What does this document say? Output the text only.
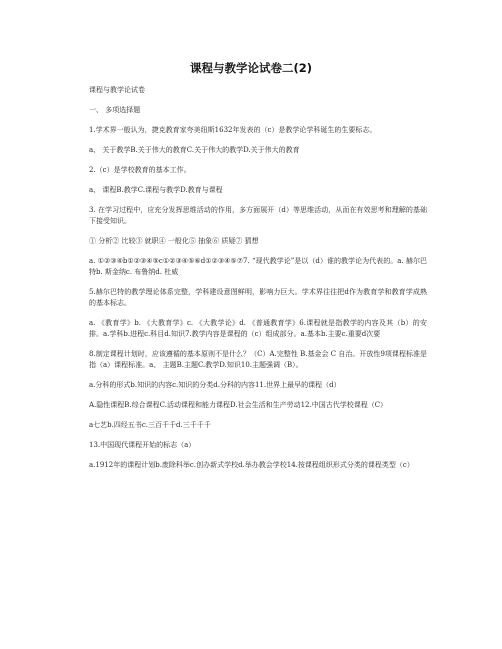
课程与教学论试卷二(2)

课程与教学论试卷

一、 多项选择题

1.学术界一般认为，捷克教育家夸美纽斯1632年发表的（c）是教学论学科诞生的生要标志。

a、 关于教学B.关于伟大的教育C.关于伟大的教学D.关于伟大的教育

2.（c）是学校教育的基本工作。

a、 课程B.教学C.课程与教学D.教育与课程

3. 在学习过程中，应充分发挥思维活动的作用，多方面展开（d）等思维活动，从而在有效思考和理解的基础下接受知识。

① 分析② 比较③ 就职④ 一般化⑤ 抽象⑥ 质疑⑦ 猜想

a. ①②③④b①②③④⑤c①②③④⑤⑥d①②③④⑤⑦7. “现代教学论”是以（d）谁的教学论为代表的。a. 赫尔巴特b. 斯金纳c. 布鲁纳d. 杜威

5.赫尔巴特的教学理论体系完整，学科建设意图鲜明，影响力巨大。学术界往往把d作为教育学和教育学成熟的基本标志。

a. 《教育学》b. 《大教育学》c. 《大教学论》d. 《普通教育学》6.课程就是指教学的内容及其（b）的安排。a.学科b.进程c.科目d.知识7.教学内容是课程的（c）组成部分。a.基本b.主要c.重要d次要

8.制定课程计划时，应该遵循的基本原则不是什么？（C）A.完整性 B.基金会 C 自治。开放性9项课程标准是指（a）课程标准。a、 主题B.主题C.教学D.知识10.主题强调（B）。

a.分科的形式b.知识的内容c.知识的分类d.分科的内容11.世界上最早的课程（d）

A.隐性课程B.综合课程C.活动课程和能力课程D.社会生活和生产劳动12.中国古代学校课程（C）

a七艺b.四经五书c.三百千千d.三千千千

13.中国现代课程开始的标志（a）

a.1912年的课程计划b.废除科举c.创办新式学校d.举办教会学校14.按课程组织形式分类的课程类型（c）
